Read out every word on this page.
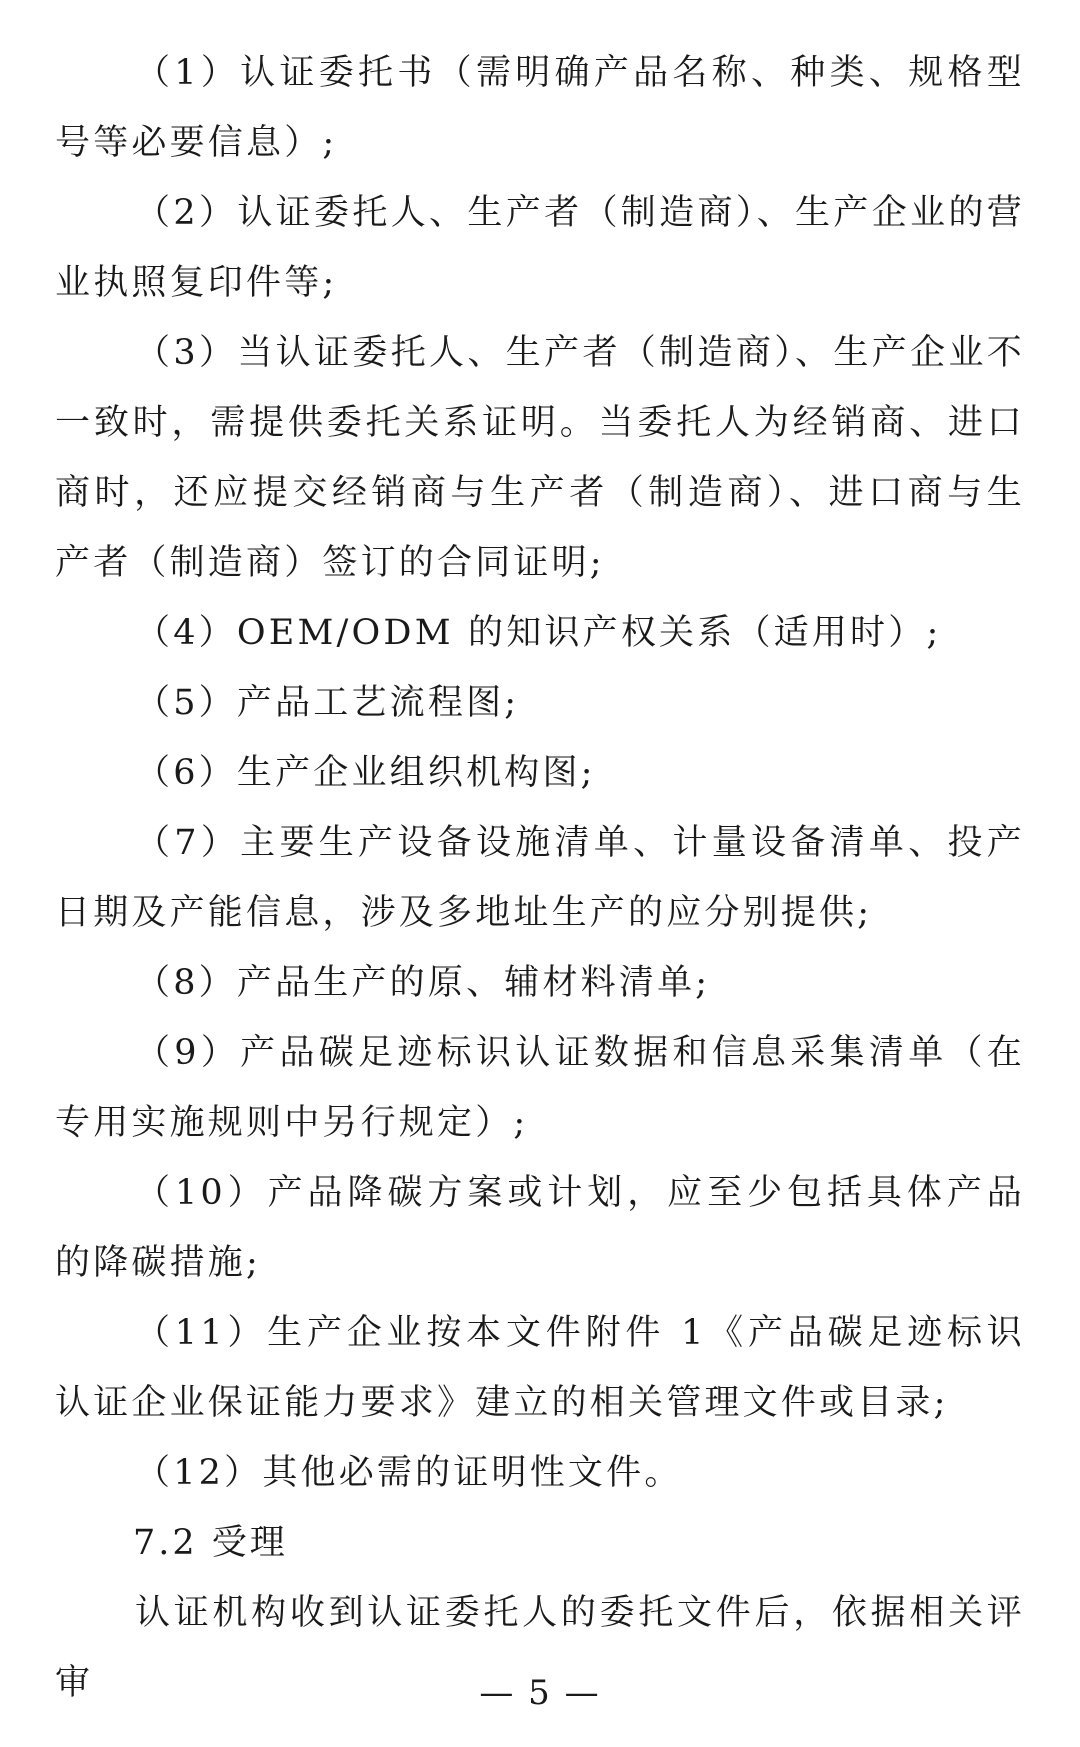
（1）认证委托书（需明确产品名称、种类、规格型号等必要信息）;

（2）认证委托人、生产者（制造商）、生产企业的营业执照复印件等;

（3）当认证委托人、生产者（制造商）、生产企业不一致时，需提供委托关系证明。当委托人为经销商、进口商时，还应提交经销商与生产者（制造商）、进口商与生产者（制造商）签订的合同证明;

（4）OEM/ODM 的知识产权关系（适用时）;

（5）产品工艺流程图;

（6）生产企业组织机构图;

（7）主要生产设备设施清单、计量设备清单、投产日期及产能信息，涉及多地址生产的应分别提供;

（8）产品生产的原、辅材料清单;

（9）产品碳足迹标识认证数据和信息采集清单（在专用实施规则中另行规定）;

（10）产品降碳方案或计划，应至少包括具体产品的降碳措施;

（11）生产企业按本文件附件 1《产品碳足迹标识认证企业保证能力要求》建立的相关管理文件或目录;

（12）其他必需的证明性文件。

7.2 受理

认证机构收到认证委托人的委托文件后，依据相关评审	— 5 —
